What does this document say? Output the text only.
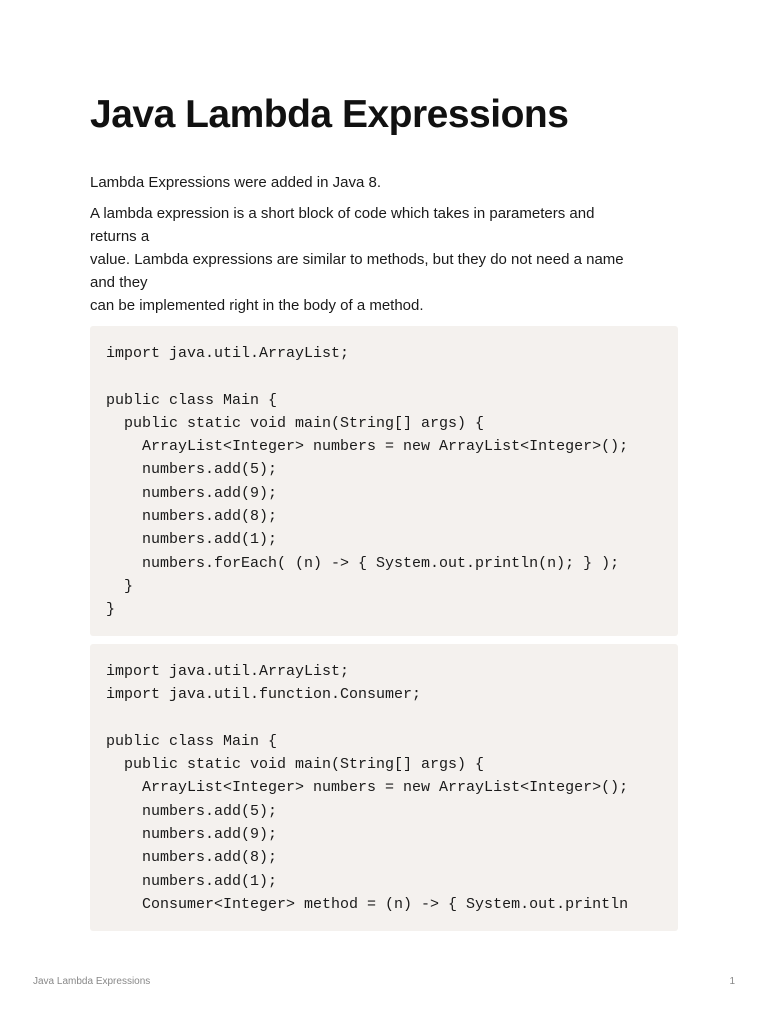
Java Lambda Expressions

Lambda Expressions were added in Java 8.

A lambda expression is a short block of code which takes in parameters and
returns a
value. Lambda expressions are similar to methods, but they do not need a name
and they
can be implemented right in the body of a method.

import java.util.ArrayList;
public class Main {
public static void main(String[] args) {
ArrayList<Integer> numbers = new ArrayList<Integer>();
numbers.add(5);
numbers.add(9);
numbers.add(8);
numbers.add(1);
numbers.forEach( (n) -> { System.out.println(n); } );
}
}
import java.util.ArrayList;
import java.util.function.Consumer;
public class Main {
public static void main(String[] args) {
ArrayList<Integer> numbers = new ArrayList<Integer>();
numbers.add(5);
numbers.add(9);
numbers.add(8);
numbers.add(1);
Consumer<Integer> method = (n) -> { System.out.println
Java Lambda Expressions	1
